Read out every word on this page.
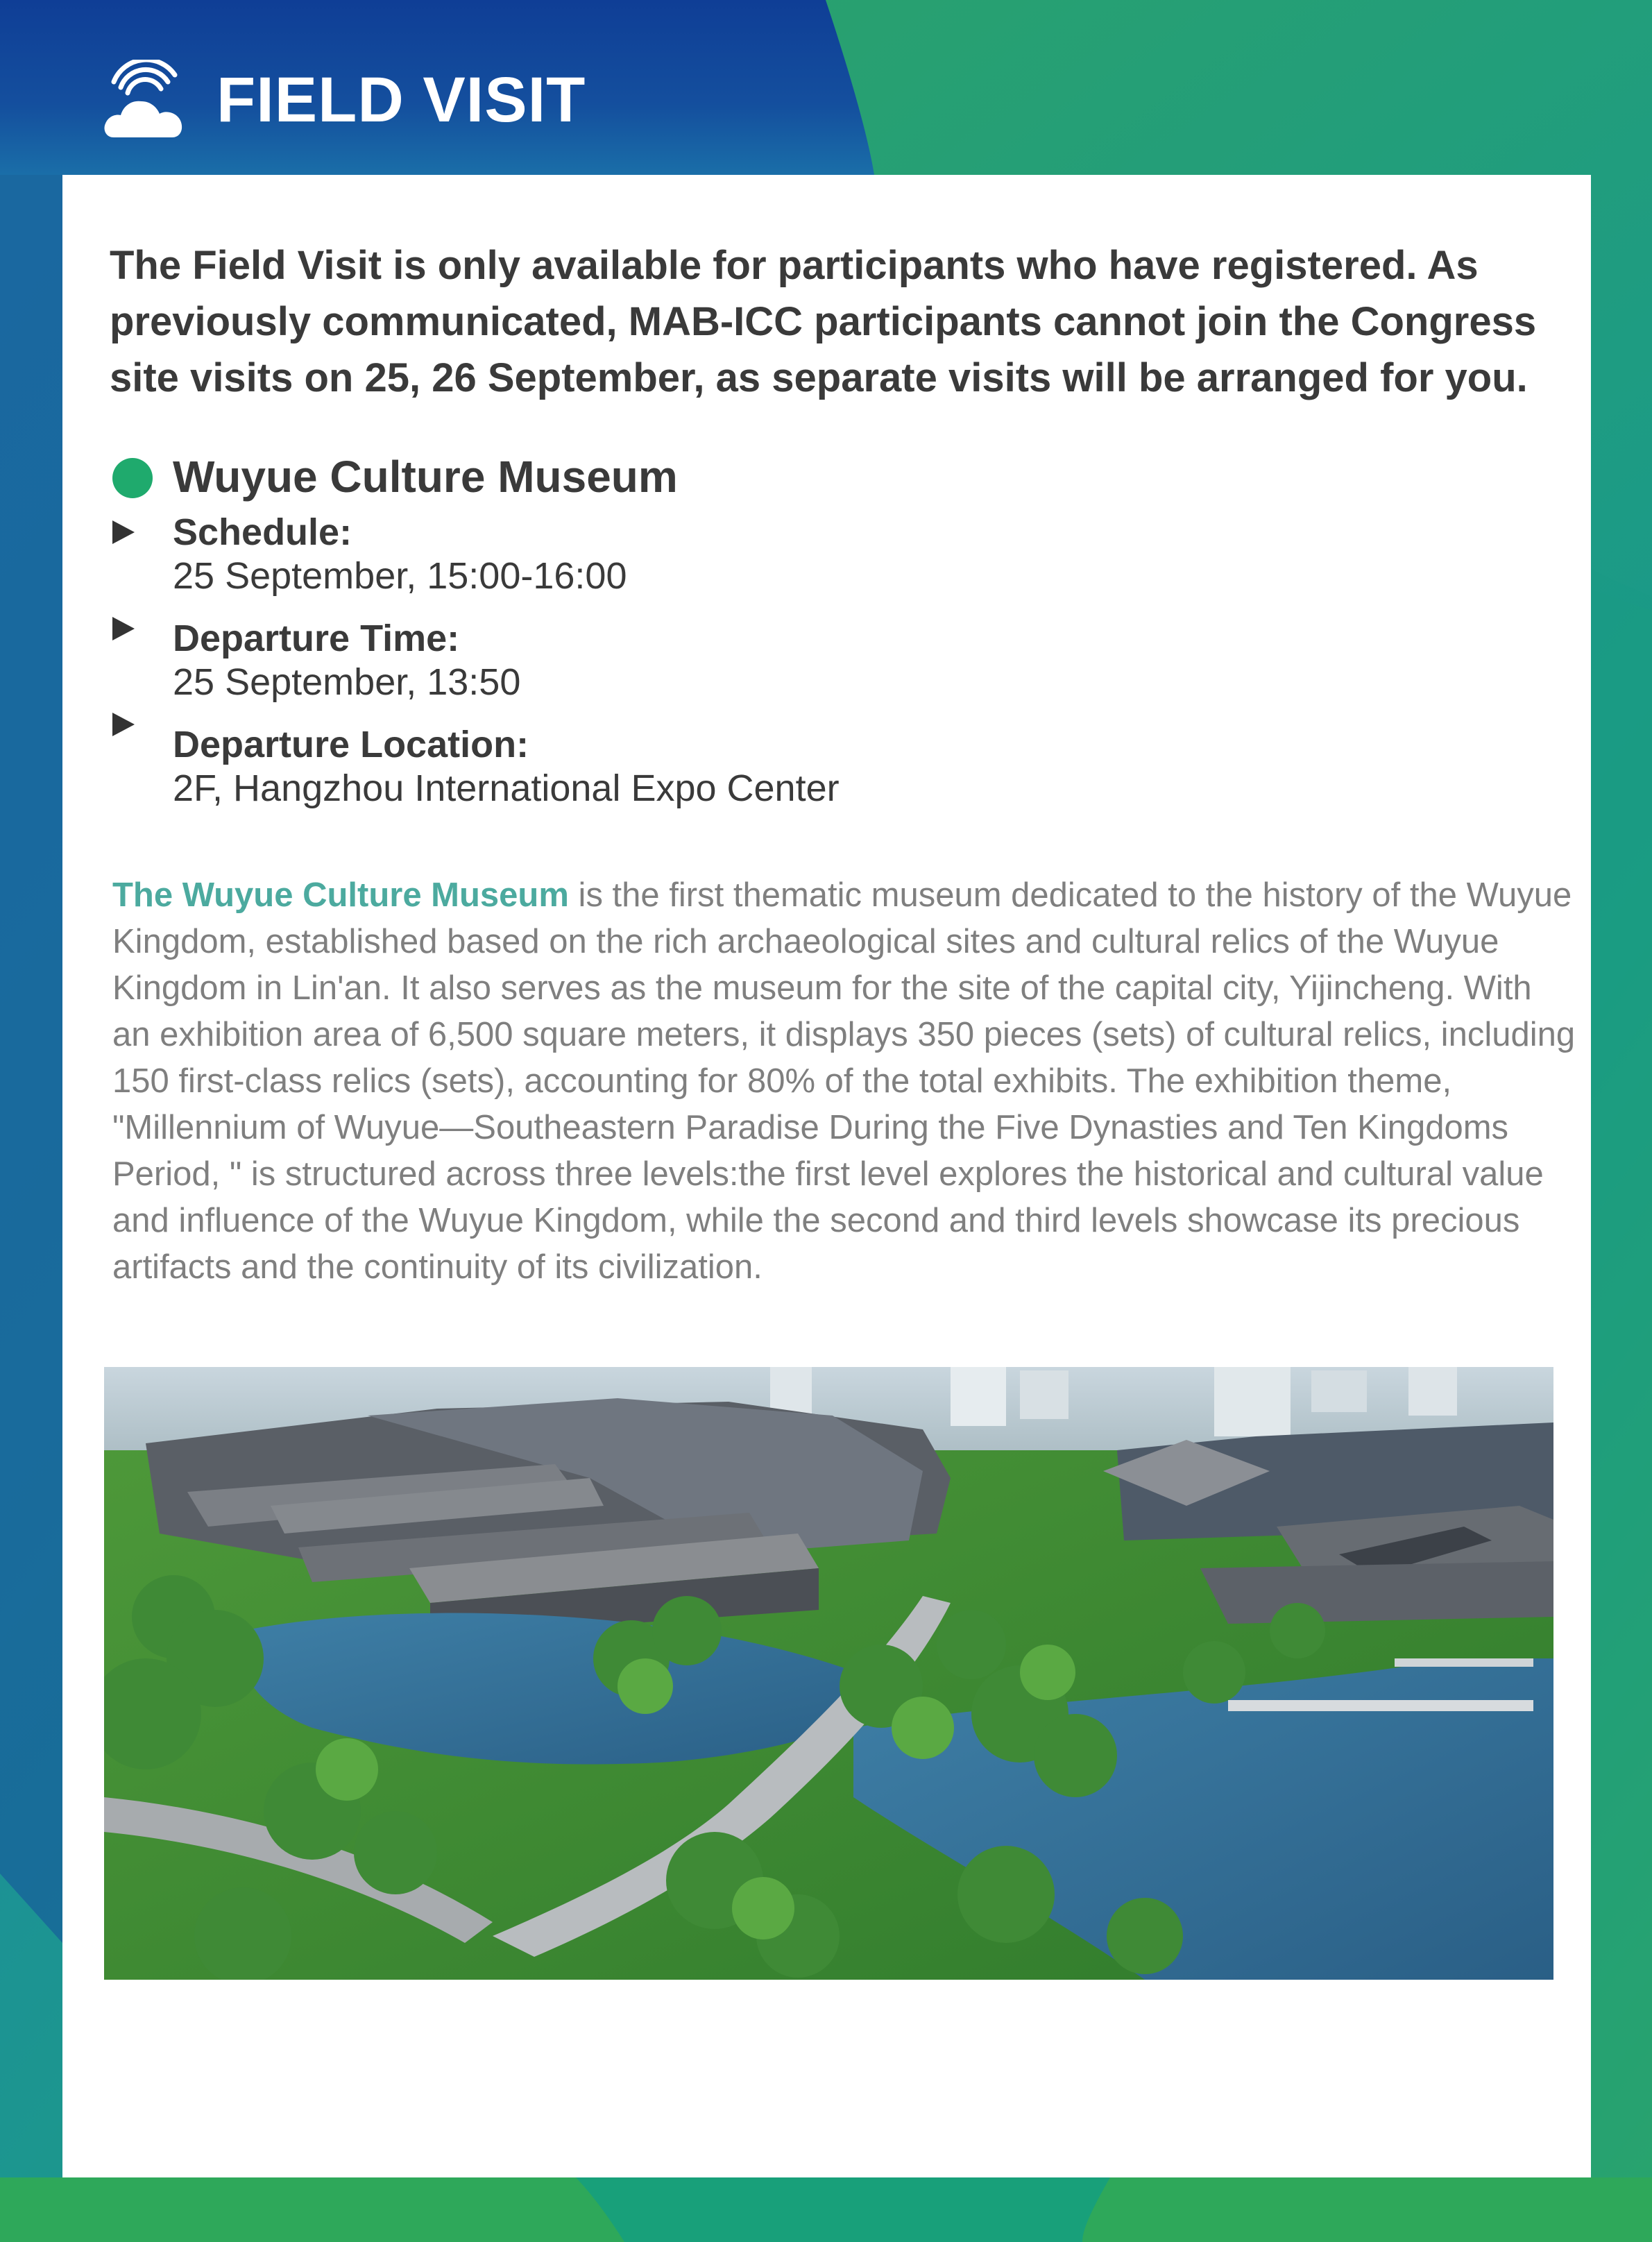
FIELD VISIT
The Field Visit is only available for participants who have registered. As previously communicated, MAB-ICC participants cannot join the Congress site visits on 25, 26 September, as separate visits will be arranged for you.
Wuyue Culture Museum
Schedule:
25 September, 15:00-16:00
Departure Time:
25 September, 13:50
Departure Location:
2F, Hangzhou International Expo Center
The Wuyue Culture Museum is the first thematic museum dedicated to the history of the Wuyue Kingdom, established based on the rich archaeological sites and cultural relics of the Wuyue Kingdom in Lin'an. It also serves as the museum for the site of the capital city, Yijincheng. With an exhibition area of 6,500 square meters, it displays 350 pieces (sets) of cultural relics, including 150 first-class relics (sets), accounting for 80% of the total exhibits. The exhibition theme, "Millennium of Wuyue—Southeastern Paradise During the Five Dynasties and Ten Kingdoms Period, " is structured across three levels:the first level explores the historical and cultural value and influence of the Wuyue Kingdom, while the second and third levels showcase its precious artifacts and the continuity of its civilization.
